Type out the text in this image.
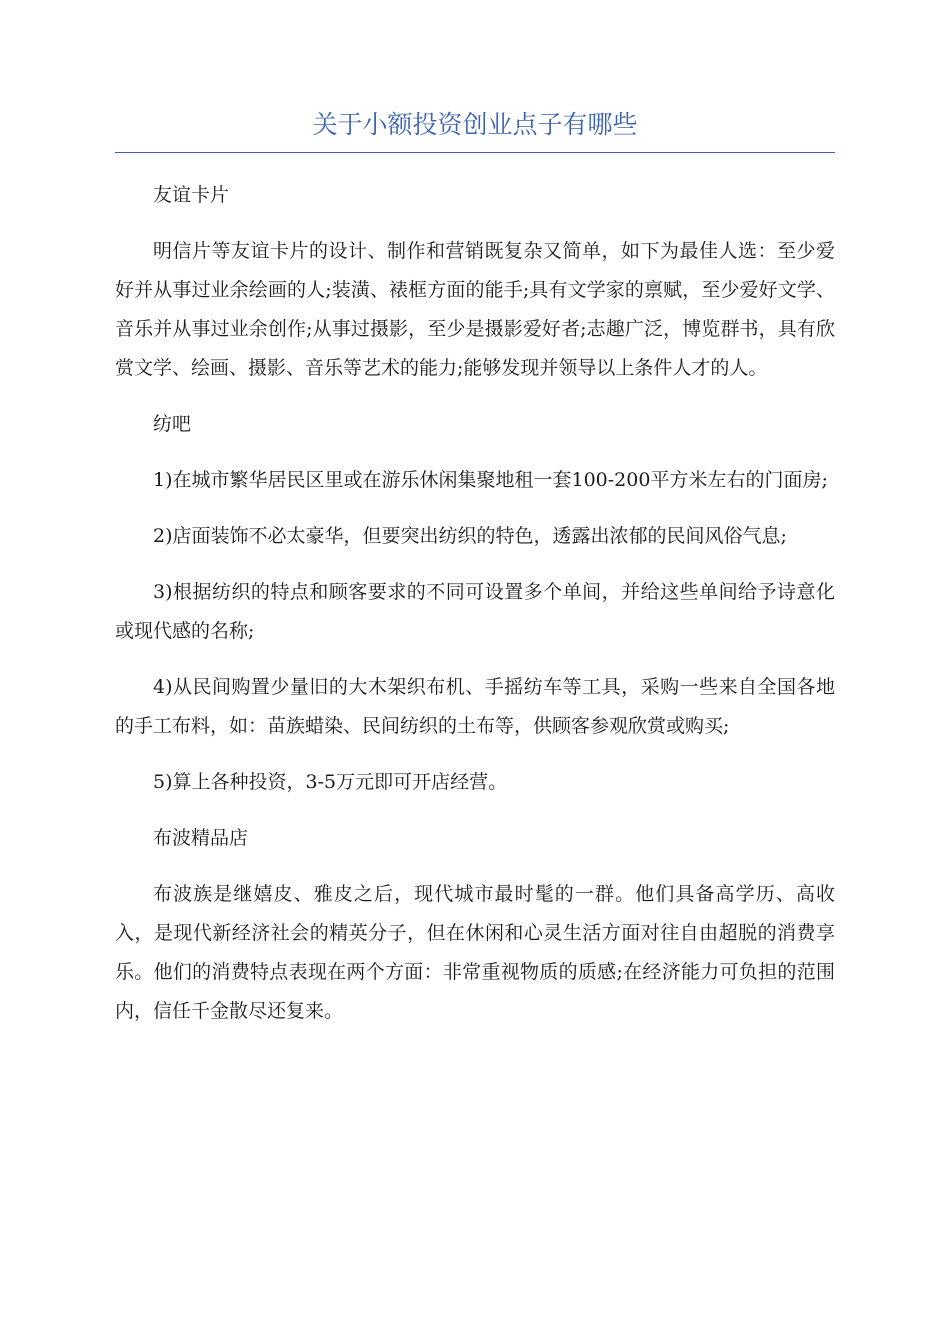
关于小额投资创业点子有哪些

友谊卡片

明信片等友谊卡片的设计、制作和营销既复杂又简单，如下为最佳人选：至少爱好并从事过业余绘画的人;装潢、裱框方面的能手;具有文学家的禀赋，至少爱好文学、音乐并从事过业余创作;从事过摄影，至少是摄影爱好者;志趣广泛，博览群书，具有欣赏文学、绘画、摄影、音乐等艺术的能力;能够发现并领导以上条件人才的人。

纺吧

1)在城市繁华居民区里或在游乐休闲集聚地租一套100-200平方米左右的门面房;

2)店面装饰不必太豪华，但要突出纺织的特色，透露出浓郁的民间风俗气息;

3)根据纺织的特点和顾客要求的不同可设置多个单间，并给这些单间给予诗意化或现代感的名称;

4)从民间购置少量旧的大木架织布机、手摇纺车等工具，采购一些来自全国各地的手工布料，如：苗族蜡染、民间纺织的土布等，供顾客参观欣赏或购买;

5)算上各种投资，3-5万元即可开店经营。

布波精品店

布波族是继嬉皮、雅皮之后，现代城市最时髦的一群。他们具备高学历、高收入，是现代新经济社会的精英分子，但在休闲和心灵生活方面对往自由超脱的消费享乐。他们的消费特点表现在两个方面：非常重视物质的质感;在经济能力可负担的范围内，信任千金散尽还复来。
